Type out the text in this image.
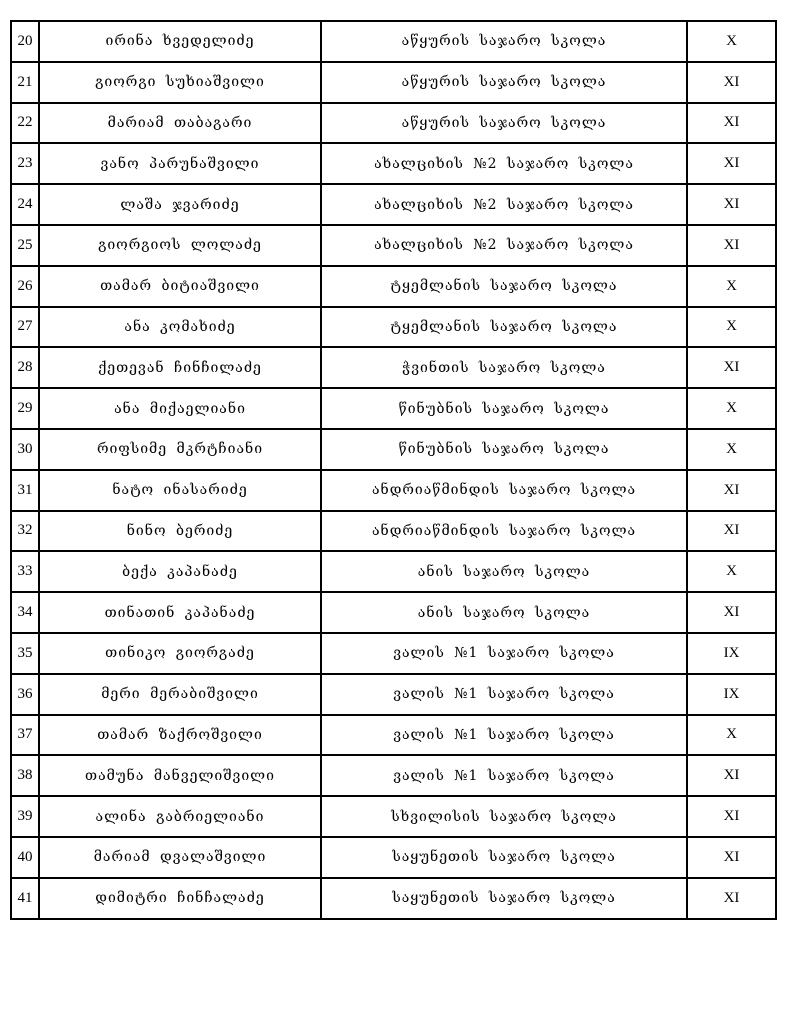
20	ირინა ხვედელიძე	აწყურის საჯარო სკოლა	X
21	გიორგი სუხიაშვილი	აწყურის საჯარო სკოლა	XI
22	მარიამ თაბაგარი	აწყურის საჯარო სკოლა	XI
23	ვანო პარუნაშვილი	ახალციხის №2 საჯარო სკოლა	XI
24	ლაშა ჯვარიძე	ახალციხის №2 საჯარო სკოლა	XI
25	გიორგიოს ლოლაძე	ახალციხის №2 საჯარო სკოლა	XI
26	თამარ ბიტიაშვილი	ტყემლანის საჯარო სკოლა	X
27	ანა კომახიძე	ტყემლანის საჯარო სკოლა	X
28	ქეთევან ჩინჩილაძე	ჭვინთის საჯარო სკოლა	XI
29	ანა მიქაელიანი	წინუბნის საჯარო სკოლა	X
30	რიფსიმე მკრტჩიანი	წინუბნის საჯარო სკოლა	X
31	ნატო ინასარიძე	ანდრიაწმინდის საჯარო სკოლა	XI
32	ნინო ბერიძე	ანდრიაწმინდის საჯარო სკოლა	XI
33	ბექა კაპანაძე	ანის საჯარო სკოლა	X
34	თინათინ კაპანაძე	ანის საჯარო სკოლა	XI
35	თინიკო გიორგაძე	ვალის №1 საჯარო სკოლა	IX
36	მერი მერაბიშვილი	ვალის №1 საჯარო სკოლა	IX
37	თამარ ზაქროშვილი	ვალის №1 საჯარო სკოლა	X
38	თამუნა მანველიშვილი	ვალის №1 საჯარო სკოლა	XI
39	ალინა გაბრიელიანი	სხვილისის საჯარო სკოლა	XI
40	მარიამ დვალაშვილი	საყუნეთის საჯარო სკოლა	XI
41	დიმიტრი ჩინჩალაძე	საყუნეთის საჯარო სკოლა	XI
